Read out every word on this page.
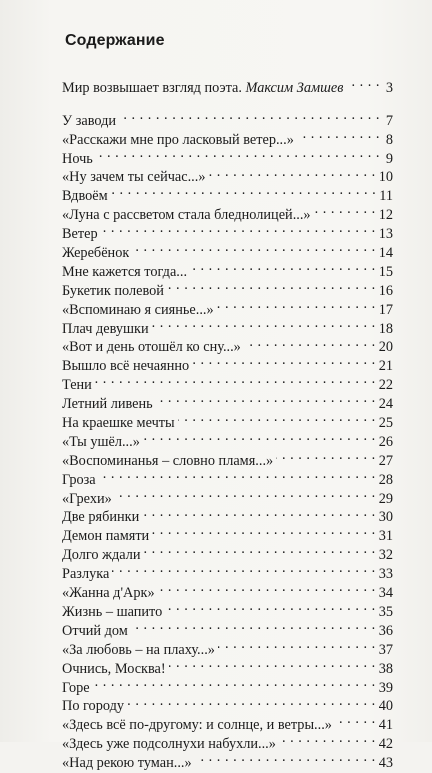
Содержание
Мир возвышает взгляд поэта. Максим Замшев . . .	3
У заводи . . .	7
«Расскажи мне про ласковый ветер...» . . .	8
Ночь . . .	9
«Ну зачем ты сейчас...» . . .	10
Вдвоём . . .	11
«Луна с рассветом стала бледнолицей...» . . .	12
Ветер . . .	13
Жеребёнок . . .	14
Мне кажется тогда... . . .	15
Букетик полевой . . .	16
«Вспоминаю я сиянье...» . . .	17
Плач девушки . . .	18
«Вот и день отошёл ко сну...» . . .	20
Вышло всё нечаянно . . .	21
Тени . . .	22
Летний ливень . . .	24
На краешке мечты . . .	25
«Ты ушёл...» . . .	26
«Воспоминанья – словно пламя...» . . .	27
Гроза . . .	28
«Грехи» . . .	29
Две рябинки . . .	30
Демон памяти . . .	31
Долго ждали . . .	32
Разлука . . .	33
«Жанна д'Арк» . . .	34
Жизнь – шапито . . .	35
Отчий дом . . .	36
«За любовь – на плаху...» . . .	37
Очнись, Москва! . . .	38
Горе . . .	39
По городу . . .	40
«Здесь всё по-другому: и солнце, и ветры...» . . .	41
«Здесь уже подсолнухи набухли...» . . .	42
«Над рекою туман...» . . .	43
